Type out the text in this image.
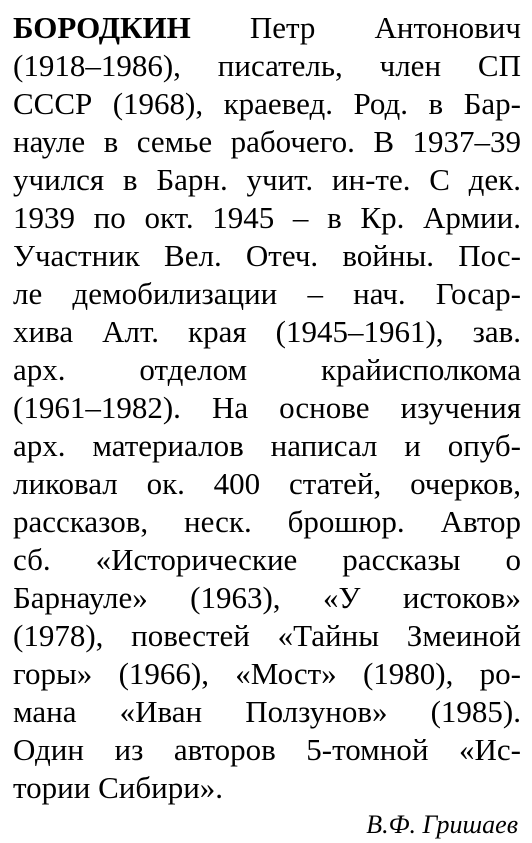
БОРОДКИН Петр Антонович
(1918–1986), писатель, член СП
СССР (1968), краевед. Род. в Бар-
науле в семье рабочего. В 1937–39
учился в Барн. учит. ин-те. С дек.
1939 по окт. 1945 – в Кр. Армии.
Участник Вел. Отеч. войны. Пос-
ле демобилизации – нач. Госар-
хива Алт. края (1945–1961), зав.
арх. отделом крайисполкома
(1961–1982). На основе изучения
арх. материалов написал и опуб-
ликовал ок. 400 статей, очерков,
рассказов, неск. брошюр. Автор
сб. «Исторические рассказы о
Барнауле» (1963), «У истоков»
(1978), повестей «Тайны Змеиной
горы» (1966), «Мост» (1980), ро-
мана «Иван Ползунов» (1985).
Один из авторов 5-томной «Ис-
тории Сибири».
В.Ф. Гришаев
